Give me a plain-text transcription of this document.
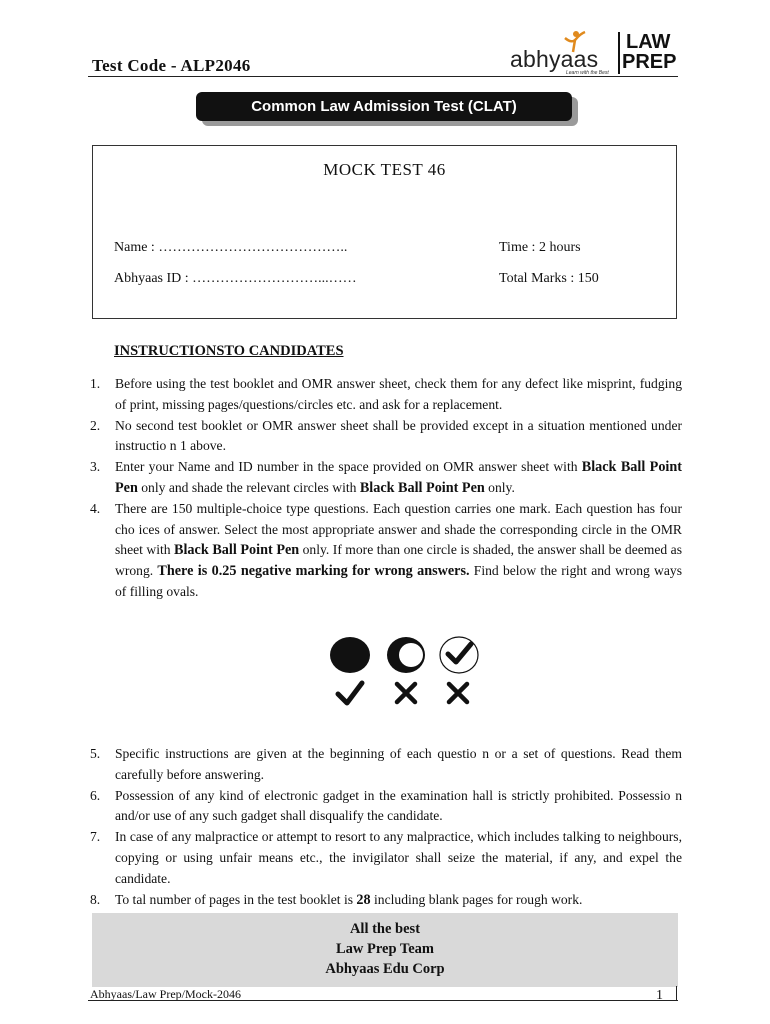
Test Code - ALP2046	abhyaas
Learn with the Best
LAW
PREP
Common Law Admission Test (CLAT)
MOCK TEST 46
Name : …………………………………..
Abhyaas ID : ………………………...……
Time : 2 hours
Total Marks : 150
INSTRUCTIONSTO CANDIDATES
1. Before using the test booklet and OMR answer sheet, check them for any defect like misprint, fudging of print, missing pages/questions/circles etc. and ask for a replacement.
2. No second test booklet or OMR answer sheet shall be provided except in a situation mentioned under instructio n 1 above.
3. Enter your Name and ID number in the space provided on OMR answer sheet with Black Ball Point Pen only and shade the relevant circles with Black Ball Point Pen only.
4. There are 150 multiple-choice type questions. Each question carries one mark. Each question has four cho ices of answer. Select the most appropriate answer and shade the corresponding circle in the OMR sheet with Black Ball Point Pen only. If more than one circle is shaded, the answer shall be deemed as wrong. There is 0.25 negative marking for wrong answers. Find below the right and wrong ways of filling ovals.
5. Specific instructions are given at the beginning of each questio n or a set of questions. Read them carefully before answering.
6. Possession of any kind of electronic gadget in the examination hall is strictly prohibited. Possessio n and/or use of any such gadget shall disqualify the candidate.
7. In case of any malpractice or attempt to resort to any malpractice, which includes talking to neighbours, copying or using unfair means etc., the invigilator shall seize the material, if any, and expel the candidate.
8. To tal number of pages in the test booklet is 28 including blank pages for rough work.
All the best
Law Prep Team
Abhyaas Edu Corp
Abhyaas/Law Prep/Mock-2046	1
